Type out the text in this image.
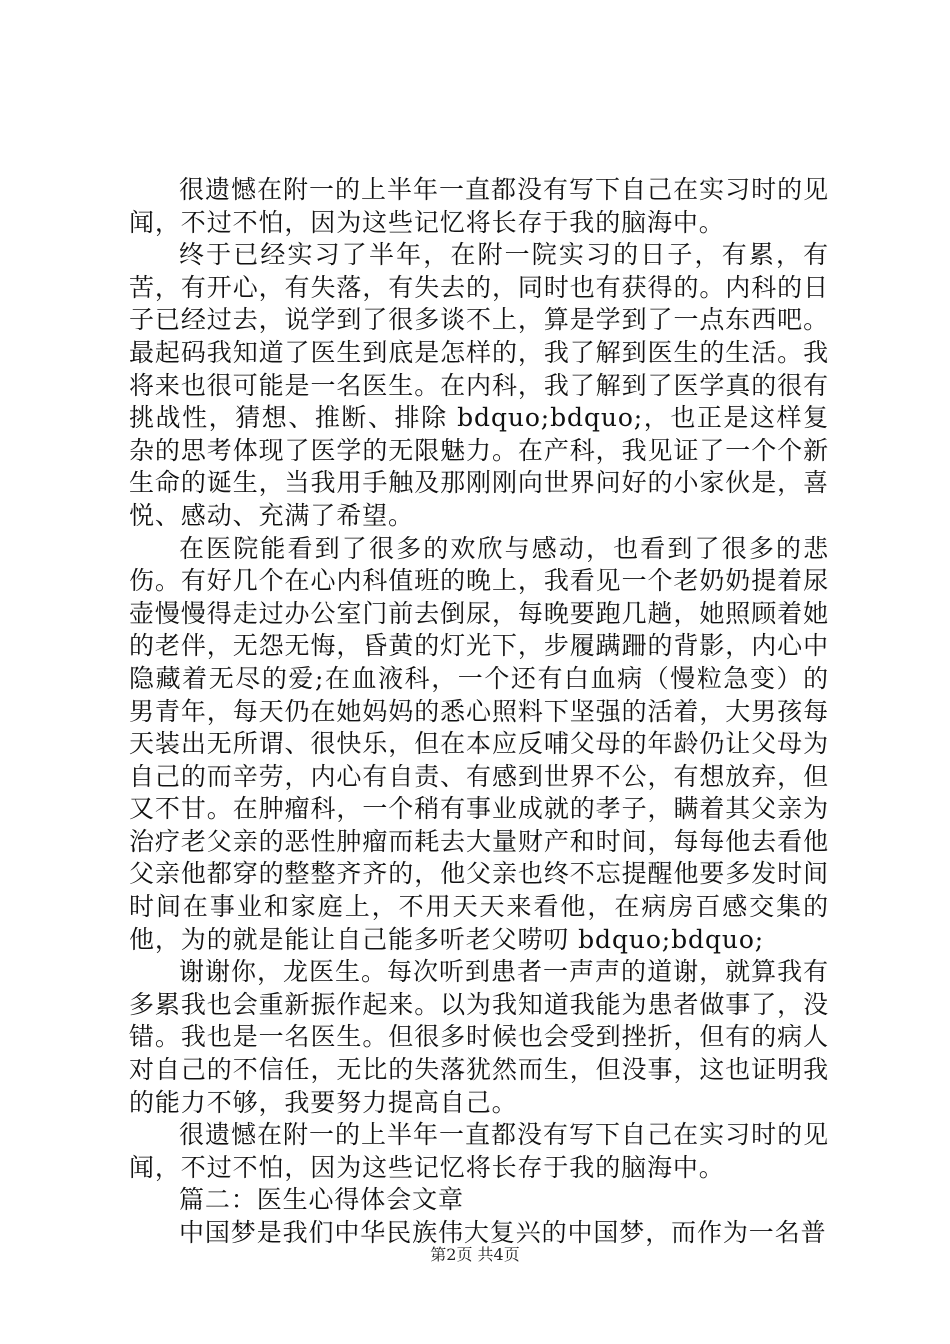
很遗憾在附一的上半年一直都没有写下自己在实习时的见闻，不过不怕，因为这些记忆将长存于我的脑海中。

终于已经实习了半年，在附一院实习的日子，有累，有苦，有开心，有失落，有失去的，同时也有获得的。内科的日子已经过去，说学到了很多谈不上，算是学到了一点东西吧。最起码我知道了医生到底是怎样的，我了解到医生的生活。我将来也很可能是一名医生。在内科，我了解到了医学真的很有挑战性，猜想、推断、排除 bdquo;bdquo;，也正是这样复杂的思考体现了医学的无限魅力。在产科，我见证了一个个新生命的诞生，当我用手触及那刚刚向世界问好的小家伙是，喜悦、感动、充满了希望。

在医院能看到了很多的欢欣与感动，也看到了很多的悲伤。有好几个在心内科值班的晚上，我看见一个老奶奶提着尿壶慢慢得走过办公室门前去倒尿，每晚要跑几趟，她照顾着她的老伴，无怨无悔，昏黄的灯光下，步履蹒跚的背影，内心中隐藏着无尽的爱;在血液科，一个还有白血病（慢粒急变）的男青年，每天仍在她妈妈的悉心照料下坚强的活着，大男孩每天装出无所谓、很快乐，但在本应反哺父母的年龄仍让父母为自己的而辛劳，内心有自责、有感到世界不公，有想放弃，但又不甘。在肿瘤科，一个稍有事业成就的孝子，瞒着其父亲为治疗老父亲的恶性肿瘤而耗去大量财产和时间，每每他去看他父亲他都穿的整整齐齐的，他父亲也终不忘提醒他要多发时间时间在事业和家庭上，不用天天来看他，在病房百感交集的他，为的就是能让自己能多听老父唠叨 bdquo;bdquo;

谢谢你，龙医生。每次听到患者一声声的道谢，就算我有多累我也会重新振作起来。以为我知道我能为患者做事了，没错。我也是一名医生。但很多时候也会受到挫折，但有的病人对自己的不信任，无比的失落犹然而生，但没事，这也证明我的能力不够，我要努力提高自己。

很遗憾在附一的上半年一直都没有写下自己在实习时的见闻，不过不怕，因为这些记忆将长存于我的脑海中。

篇二：医生心得体会文章

中国梦是我们中华民族伟大复兴的中国梦，而作为一名普

第2页 共4页
